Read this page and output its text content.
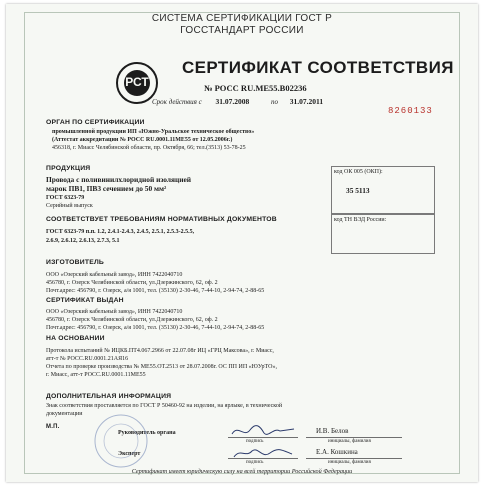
СИСТЕМА СЕРТИФИКАЦИИ ГОСТ Р
ГОССТАНДАРТ РОССИИ
РСТ
СЕРТИФИКАТ СООТВЕТСТВИЯ
№ РОСС RU.МЕ55.В02236
Срок действия с 31.07.2008	по 31.07.2011
8260133
ОРГАН ПО СЕРТИФИКАЦИИ
промышленной продукции ИП «Южно-Уральское техническое общество»
(Аттестат аккредитации № РОСС RU.0001.11МЕ55 от 12.05.2006г.)
456318, г. Миасс Челябинской области, пр. Октября, 66; тел.(3513) 53-78-25
ПРОДУКЦИЯ
Провода с поливинилхлоридной изоляцией
марок ПВ1, ПВ3 сечением до 50 мм²
ГОСТ 6323-79
Серийный выпуск
код ОК 005 (ОКП):
35 5113
СООТВЕТСТВУЕТ ТРЕБОВАНИЯМ НОРМАТИВНЫХ ДОКУМЕНТОВ
ГОСТ 6323-79 п.п. 1.2, 2.4.1-2.4.3, 2.4.5, 2.5.1, 2.5.3-2.5.5,
2.6.9, 2.6.12, 2.6.13, 2.7.3, 5.1
код ТН ВЭД России:
ИЗГОТОВИТЕЛЬ
ООО «Озерский кабельный завод», ИНН 7422040710
456780, г. Озерск Челябинской области, ул.Дзержинского, 62, оф. 2
Почт.адрес: 456790, г. Озерск, а/я 1001, тел. (35130) 2-30-46, 7-44-10, 2-94-74, 2-88-65
СЕРТИФИКАТ ВЫДАН
ООО «Озерский кабельный завод», ИНН 7422040710
456780, г. Озерск Челябинской области, ул.Дзержинского, 62, оф. 2
Почт.адрес: 456790, г. Озерск, а/я 1001, тел. (35130) 2-30-46, 7-44-10, 2-94-74, 2-88-65
НА ОСНОВАНИИ
Протокола испытаний № ИЦКБ.ПТ4.067.2966 от 22.07.08г ИЦ «ГРЦ Максова», г. Миасс,
атт-т № РОСС.RU.0001.21АЯ16
Отчета по проверке производства № МЕ55.ОТ.2513 от 28.07.2008г. ОС ПП ИП «ЮУрТО»,
г. Миасс, атт-т РОСС.RU.0001.11МЕ55
ДОПОЛНИТЕЛЬНАЯ ИНФОРМАЦИЯ
Знак соответствия проставляется по ГОСТ Р 50460-92 на изделии, на ярлыке, в технической
документации
М.П.
Руководитель органа	И.В. Белов
подпись	инициалы, фамилия
Эксперт	Е.А. Кошкина
подпись	инициалы, фамилия
Сертификат имеет юридическую силу на всей территории Российской Федерации
